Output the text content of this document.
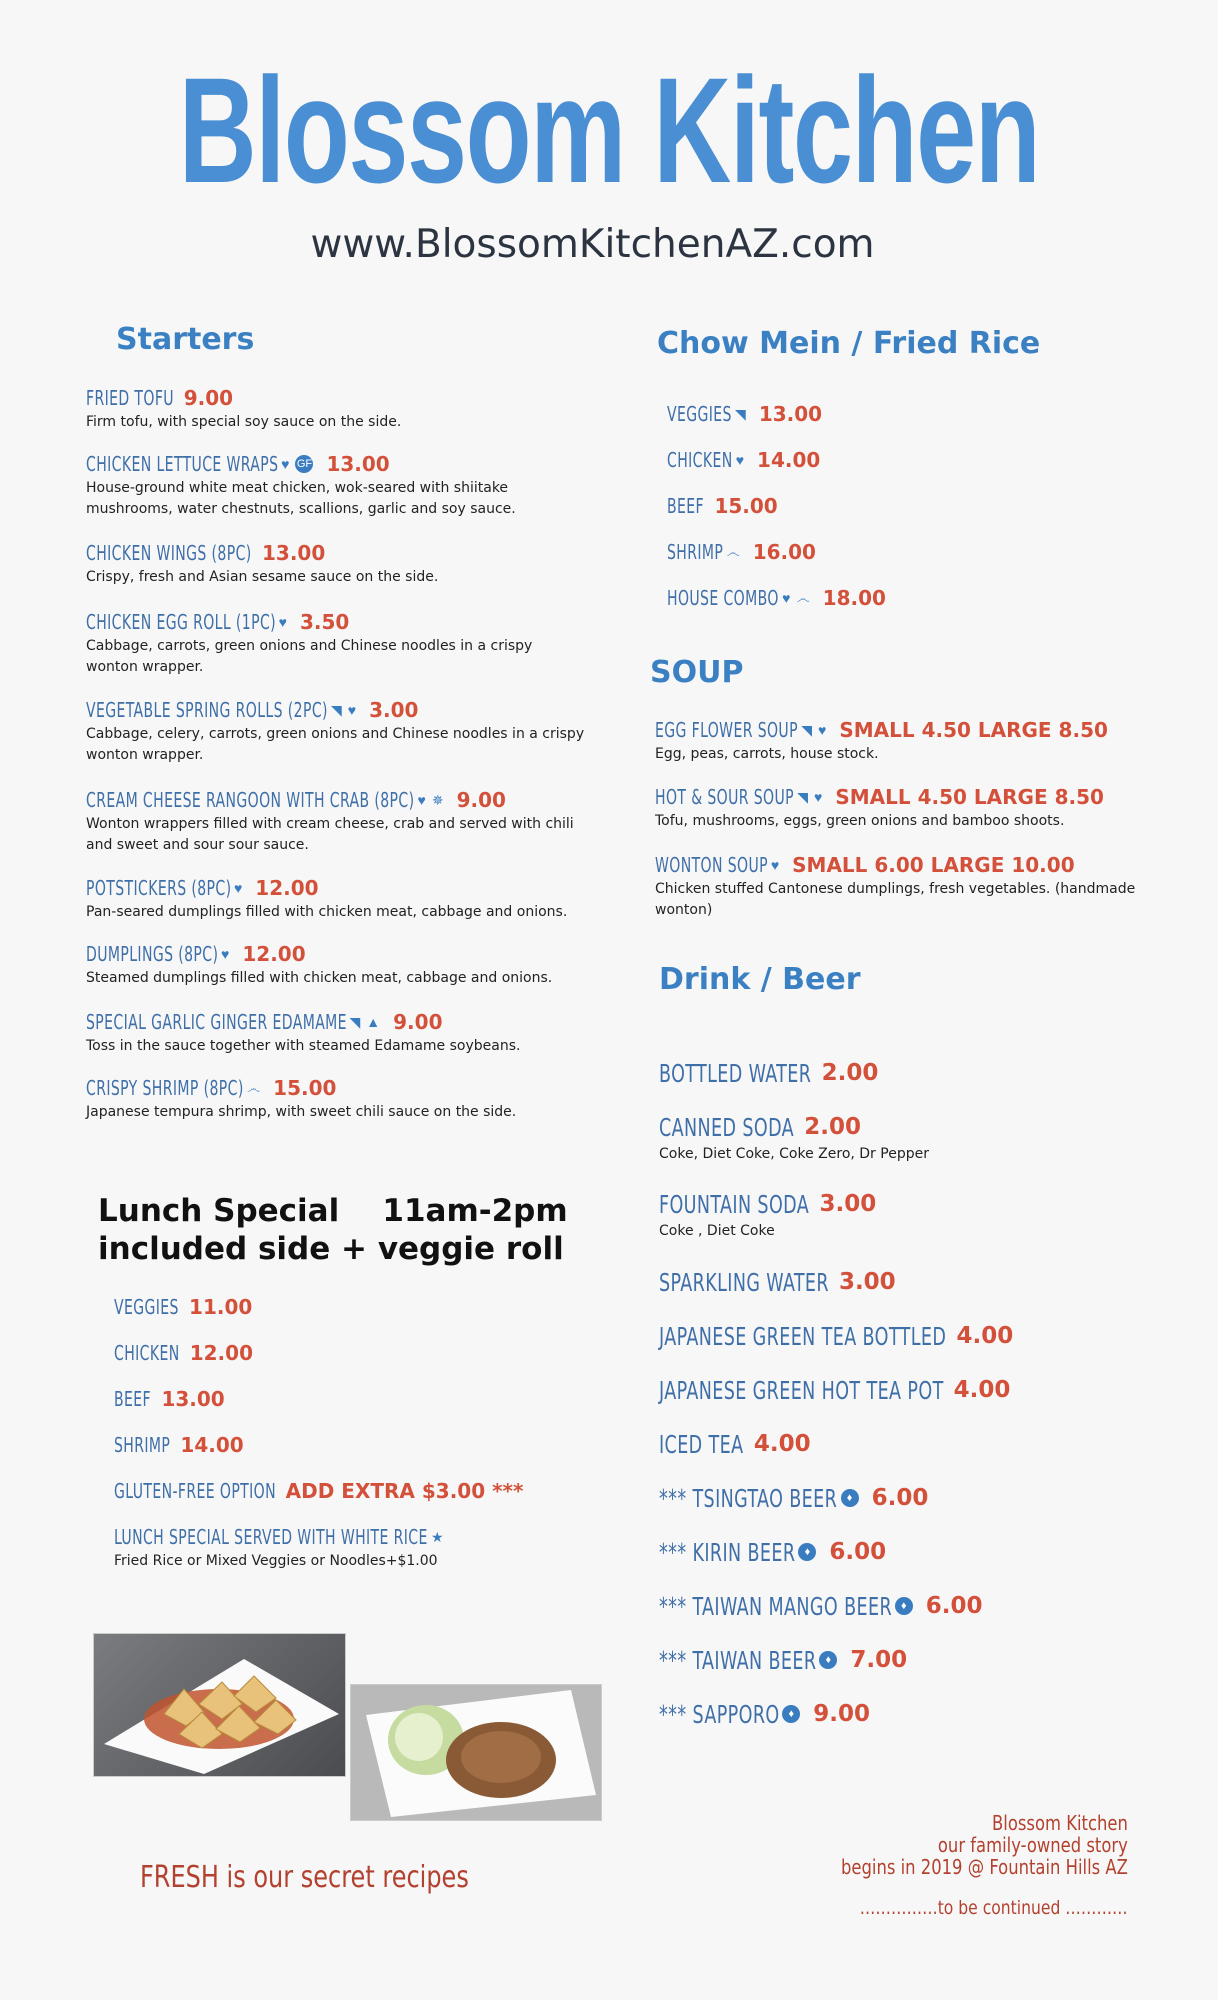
Blossom Kitchen
www.BlossomKitchenAZ.com
Starters
FRIED TOFU 9.00
Firm tofu, with special soy sauce on the side.
CHICKEN LETTUCE WRAPS ♥ GF 13.00
House-ground white meat chicken, wok-seared with shiitake mushrooms, water chestnuts, scallions, garlic and soy sauce.
CHICKEN WINGS (8PC) 13.00
Crispy, fresh and Asian sesame sauce on the side.
CHICKEN EGG ROLL (1PC) ♥ 3.50
Cabbage, carrots, green onions and Chinese noodles in a crispy wonton wrapper.
VEGETABLE SPRING ROLLS (2PC) ◥ ♥ 3.00
Cabbage, celery, carrots, green onions and Chinese noodles in a crispy wonton wrapper.
CREAM CHEESE RANGOON WITH CRAB (8PC) ♥ ✵ 9.00
Wonton wrappers filled with cream cheese, crab and served with chili and sweet and sour sour sauce.
POTSTICKERS (8PC) ♥ 12.00
Pan-seared dumplings filled with chicken meat, cabbage and onions.
DUMPLINGS (8PC) ♥ 12.00
Steamed dumplings filled with chicken meat, cabbage and onions.
SPECIAL GARLIC GINGER EDAMAME ◥ ▲ 9.00
Toss in the sauce together with steamed Edamame soybeans.
CRISPY SHRIMP (8PC) ෴ 15.00
Japanese tempura shrimp, with sweet chili sauce on the side.
Lunch Special    11am-2pm
included side + veggie roll
VEGGIES 11.00
CHICKEN 12.00
BEEF 13.00
SHRIMP 14.00
GLUTEN-FREE OPTION ADD EXTRA $3.00 ***
LUNCH SPECIAL SERVED WITH WHITE RICE ★
Fried Rice or Mixed Veggies or Noodles+$1.00
Chow Mein / Fried Rice
VEGGIES ◥ 13.00
CHICKEN ♥ 14.00
BEEF 15.00
SHRIMP ෴ 16.00
HOUSE COMBO ♥ ෴ 18.00
SOUP
EGG FLOWER SOUP ◥ ♥ SMALL 4.50 LARGE 8.50
Egg, peas, carrots, house stock.
HOT & SOUR SOUP ◥ ♥ SMALL 4.50 LARGE 8.50
Tofu, mushrooms, eggs, green onions and bamboo shoots.
WONTON SOUP ♥ SMALL 6.00 LARGE 10.00
Chicken stuffed Cantonese dumplings, fresh vegetables. (handmade wonton)
Drink / Beer
BOTTLED WATER 2.00
CANNED SODA 2.00
Coke, Diet Coke, Coke Zero, Dr Pepper
FOUNTAIN SODA 3.00
Coke , Diet Coke
SPARKLING WATER 3.00
JAPANESE GREEN TEA BOTTLED 4.00
JAPANESE GREEN HOT TEA POT 4.00
ICED TEA 4.00
*** TSINGTAO BEER ♦ 6.00
*** KIRIN BEER ♦ 6.00
*** TAIWAN MANGO BEER ♦ 6.00
*** TAIWAN BEER ♦ 7.00
*** SAPPORO ♦ 9.00
FRESH is our secret recipes
Blossom Kitchen
our family-owned story
begins in 2019 @ Fountain Hills AZ
……………to be continued …………
